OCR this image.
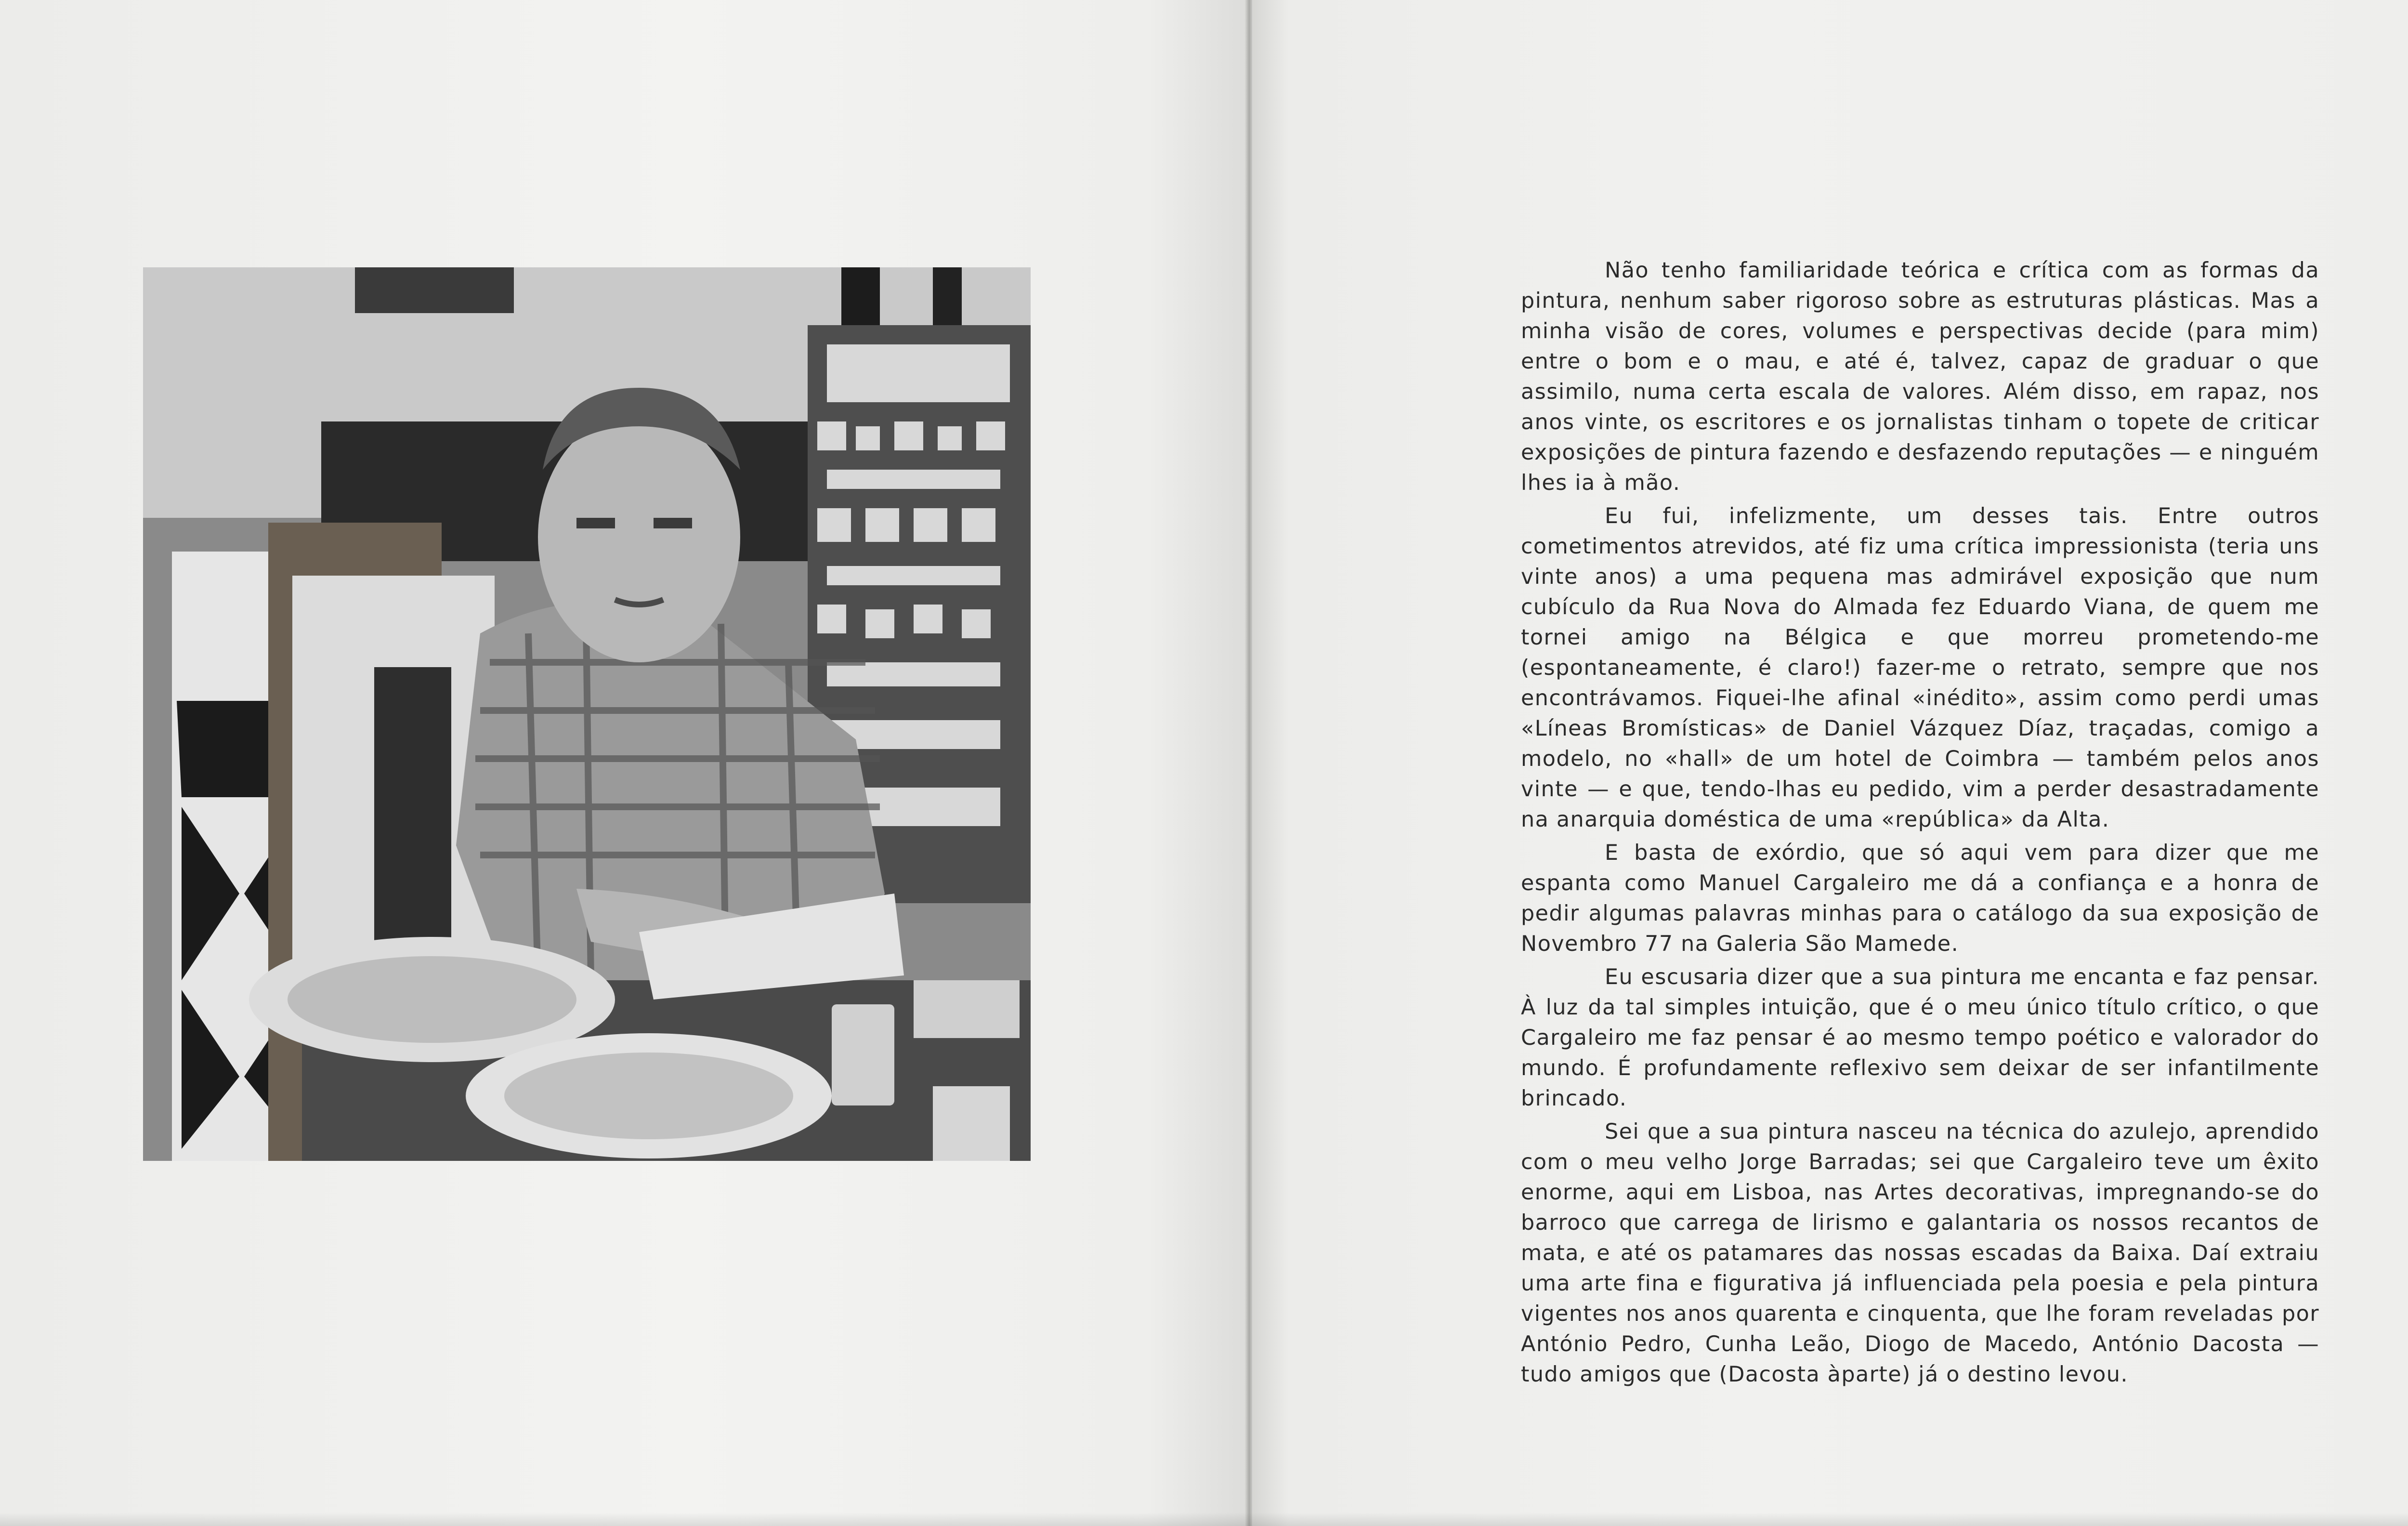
Não tenho familiaridade teórica e crítica com as formas da pintura, nenhum saber rigoroso sobre as estruturas plásticas. Mas a minha visão de cores, volumes e perspectivas decide (para mim) entre o bom e o mau, e até é, talvez, capaz de graduar o que assimilo, numa certa escala de valores. Além disso, em rapaz, nos anos vinte, os escritores e os jornalistas tinham o topete de criticar exposições de pintura fazendo e desfazendo reputações — e ninguém lhes ia à mão.

Eu fui, infelizmente, um desses tais. Entre outros cometimentos atrevidos, até fiz uma crítica impressionista (teria uns vinte anos) a uma pequena mas admirável exposição que num cubículo da Rua Nova do Almada fez Eduardo Viana, de quem me tornei amigo na Bélgica e que morreu prometendo-me (espontaneamente, é claro!) fazer-me o retrato, sempre que nos encontrávamos. Fiquei-lhe afinal «inédito», assim como perdi umas «Líneas Bromísticas» de Daniel Vázquez Díaz, traçadas, comigo a modelo, no «hall» de um hotel de Coimbra — também pelos anos vinte — e que, tendo-lhas eu pedido, vim a perder desastradamente na anarquia doméstica de uma «república» da Alta.

E basta de exórdio, que só aqui vem para dizer que me espanta como Manuel Cargaleiro me dá a confiança e a honra de pedir algumas palavras minhas para o catálogo da sua exposição de Novembro 77 na Galeria São Mamede.

Eu escusaria dizer que a sua pintura me encanta e faz pensar. À luz da tal simples intuição, que é o meu único título crítico, o que Cargaleiro me faz pensar é ao mesmo tempo poético e valorador do mundo. É profundamente reflexivo sem deixar de ser infantilmente brincado.

Sei que a sua pintura nasceu na técnica do azulejo, aprendido com o meu velho Jorge Barradas; sei que Cargaleiro teve um êxito enorme, aqui em Lisboa, nas Artes decorativas, impregnando-se do barroco que carrega de lirismo e galantaria os nossos recantos de mata, e até os patamares das nossas escadas da Baixa. Daí extraiu uma arte fina e figurativa já influenciada pela poesia e pela pintura vigentes nos anos quarenta e cinquenta, que lhe foram reveladas por António Pedro, Cunha Leão, Diogo de Macedo, António Dacosta — tudo amigos que (Dacosta àparte) já o destino levou.
